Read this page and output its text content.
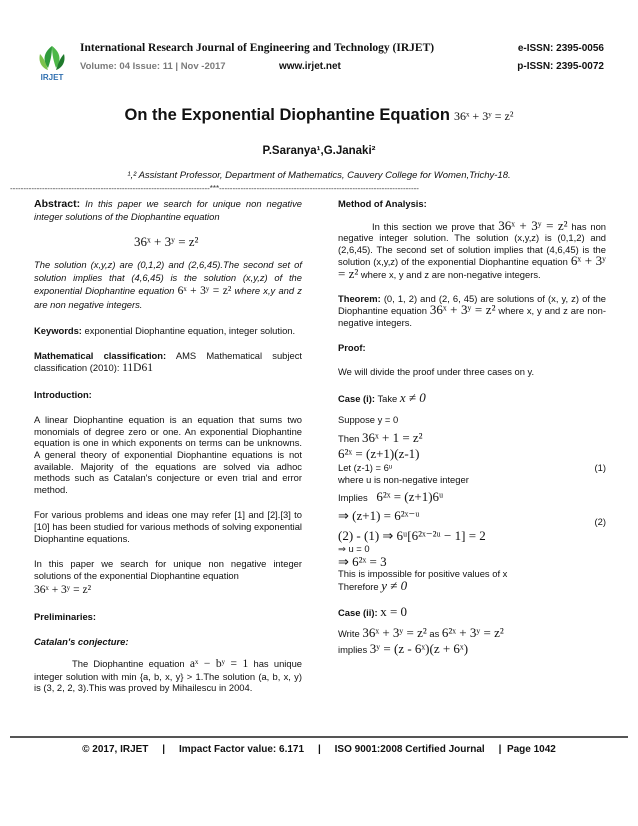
IRJET
International Research Journal of Engineering and Technology (IRJET)	e-ISSN: 2395-0056
Volume: 04 Issue: 11 | Nov -2017	www.irjet.net	p-ISSN: 2395-0072
On the Exponential Diophantine Equation 36ˣ + 3ʸ = z²
P.Saranya¹,G.Janaki²
¹,² Assistant Professor, Department of Mathematics, Cauvery College for Women,Trichy-18.
---------------------------------------------------------------------------***---------------------------------------------------------------------------

Abstract: In this paper we search for unique non negative integer solutions of the Diophantine equation

36ˣ + 3ʸ = z²

The solution (x,y,z) are (0,1,2) and (2,6,45).The second set of solution implies that (4,6,45) is the solution (x,y,z) of the exponential Diophantine equation 6ˣ + 3ʸ = z² where x,y and z are non negative integers.

Keywords: exponential Diophantine equation, integer solution.

Mathematical classification: AMS Mathematical subject classification (2010): 11D61

Introduction:

A linear Diophantine equation is an equation that sums two monomials of degree zero or one. An exponential Diophantine equation is one in which exponents on terms can be unknowns. A general theory of exponential Diophantine equations is not available. Majority of the equations are solved via adhoc methods such as Catalan's conjecture or even trial and error method.

For various problems and ideas one may refer [1] and [2].[3] to [10] has been studied for various methods of solving exponential Diophantine equations.

In this paper we search for unique non negative integer solutions of the exponential Diophantine equation

36ˣ + 3ʸ = z²

Preliminaries:

Catalan's conjecture:

The Diophantine equation aˣ − bʸ = 1 has unique integer solution with min {a, b, x, y} > 1.The solution (a, b, x, y) is (3, 2, 2, 3).This was proved by Mihailescu in 2004.

Method of Analysis:

In this section we prove that 36ˣ + 3ʸ = z² has non negative integer solution. The solution (x,y,z) is (0,1,2) and (2,6,45). The second set of solution implies that (4,6,45) is the solution (x,y,z) of the exponential Diophantine equation 6ˣ + 3ʸ = z² where x, y and z are non-negative integers.

Theorem: (0, 1, 2) and (2, 6, 45) are solutions of (x, y, z) of the Diophantine equation 36ˣ + 3ʸ = z² where x, y and z are non-negative integers.

Proof:

We will divide the proof under three cases on y.

Case (i): Take x ≠ 0

Suppose y = 0

Then 36ˣ + 1 = z²

6²ˣ = (z+1)(z-1)

Let (z-1) = 6ᵘ	(1)

where u is non-negative integer

Implies 6²ˣ = (z+1)6ᵘ

⇒ (z+1) = 6²ˣ⁻ᵘ	(2)

(2) - (1) ⇒ 6ᵘ[6²ˣ⁻²ᵘ − 1] = 2

⇒ u = 0

⇒ 6²ˣ = 3

This is impossible for positive values of x

Therefore y ≠ 0

Case (ii): x = 0

Write 36ˣ + 3ʸ = z² as 6²ˣ + 3ʸ = z²

implies 3ʸ = (z - 6ˣ)(z + 6ˣ)

© 2017, IRJET     |     Impact Factor value: 6.171     |     ISO 9001:2008 Certified Journal     |  Page 1042
